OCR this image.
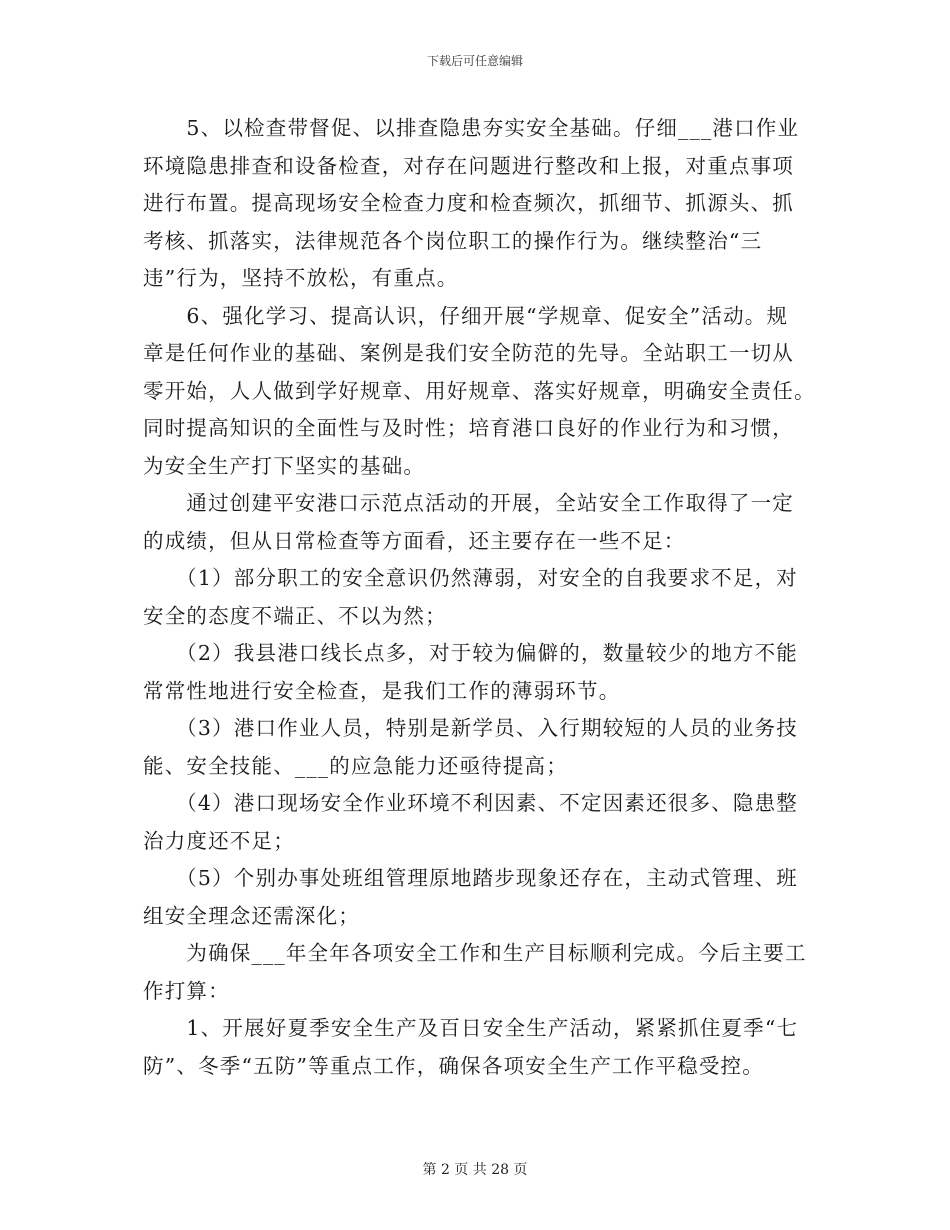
下载后可任意编辑

　　5、以检查带督促、以排查隐患夯实安全基础。仔细___港口作业
环境隐患排查和设备检查，对存在问题进行整改和上报，对重点事项
进行布置。提高现场安全检查力度和检查频次，抓细节、抓源头、抓
考核、抓落实，法律规范各个岗位职工的操作行为。继续整治“三
违”行为，坚持不放松，有重点。

　　6、强化学习、提高认识，仔细开展“学规章、促安全”活动。规
章是任何作业的基础、案例是我们安全防范的先导。全站职工一切从
零开始，人人做到学好规章、用好规章、落实好规章，明确安全责任。
同时提高知识的全面性与及时性；培育港口良好的作业行为和习惯，
为安全生产打下坚实的基础。

　　通过创建平安港口示范点活动的开展，全站安全工作取得了一定
的成绩，但从日常检查等方面看，还主要存在一些不足：

　　（1）部分职工的安全意识仍然薄弱，对安全的自我要求不足，对
安全的态度不端正、不以为然；

　　（2）我县港口线长点多，对于较为偏僻的，数量较少的地方不能
常常性地进行安全检查，是我们工作的薄弱环节。

　　（3）港口作业人员，特别是新学员、入行期较短的人员的业务技
能、安全技能、___的应急能力还亟待提高；

　　（4）港口现场安全作业环境不利因素、不定因素还很多、隐患整
治力度还不足；

　　（5）个别办事处班组管理原地踏步现象还存在，主动式管理、班
组安全理念还需深化；

　　为确保___年全年各项安全工作和生产目标顺利完成。今后主要工
作打算：

　　1、开展好夏季安全生产及百日安全生产活动，紧紧抓住夏季“七
防”、冬季“五防”等重点工作，确保各项安全生产工作平稳受控。

第 2 页 共 28 页
